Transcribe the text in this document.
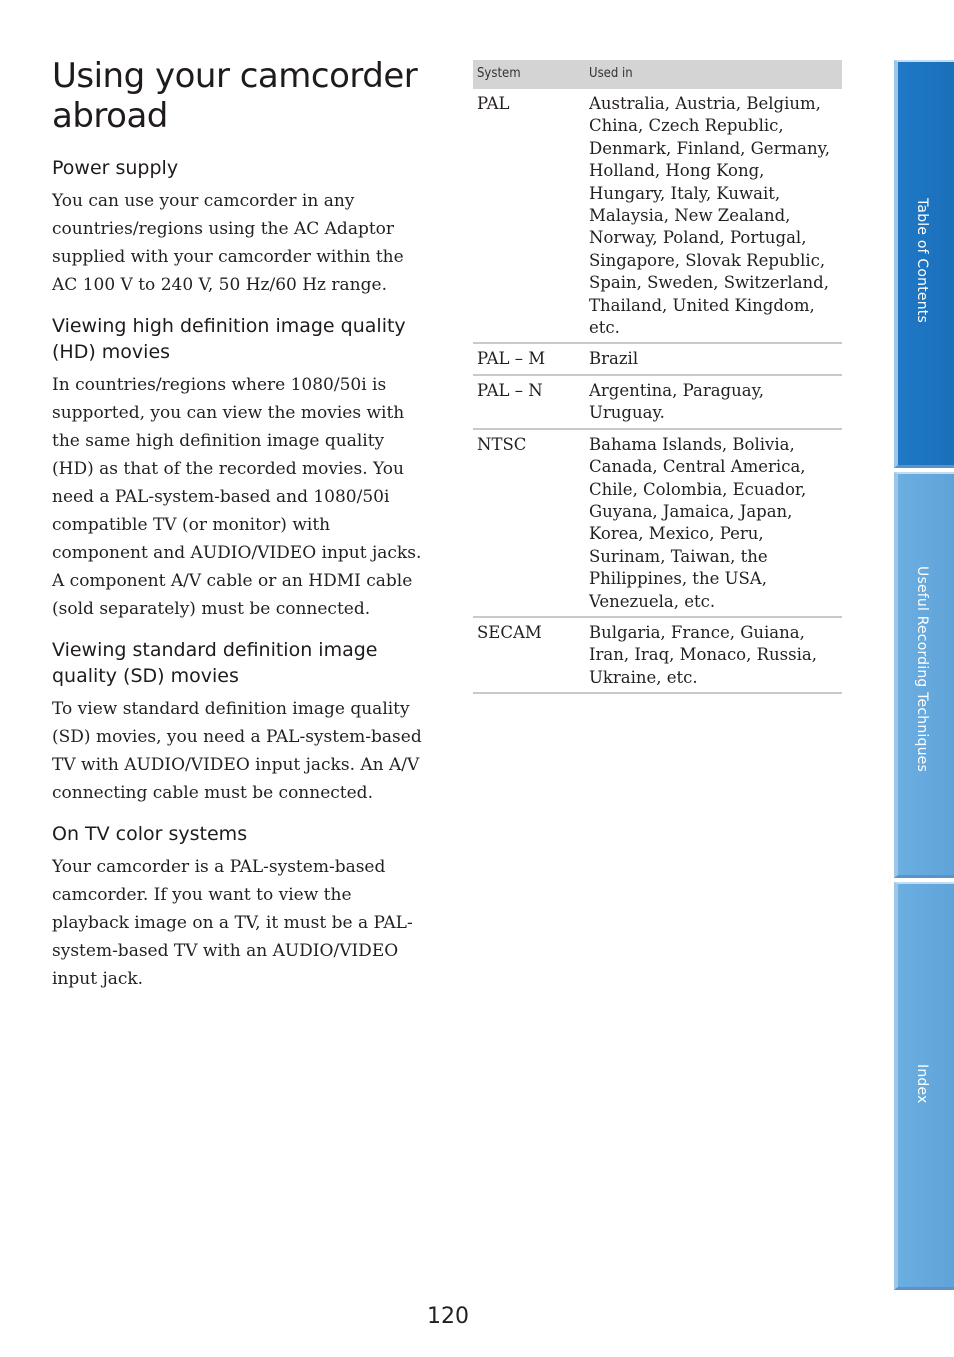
Using your camcorder abroad
Power supply

You can use your camcorder in any countries/regions using the AC Adaptor supplied with your camcorder within the AC 100 V to 240 V, 50 Hz/60 Hz range.

Viewing high definition image quality (HD) movies

In countries/regions where 1080/50i is supported, you can view the movies with the same high definition image quality (HD) as that of the recorded movies. You need a PAL-system-based and 1080/50i compatible TV (or monitor) with component and AUDIO/VIDEO input jacks. A component A/V cable or an HDMI cable (sold separately) must be connected.

Viewing standard definition image quality (SD) movies

To view standard definition image quality (SD) movies, you need a PAL-system-based TV with AUDIO/VIDEO input jacks. An A/V connecting cable must be connected.

On TV color systems

Your camcorder is a PAL-system-based camcorder. If you want to view the playback image on a TV, it must be a PAL-system-based TV with an AUDIO/VIDEO input jack.

System	Used in
PAL	Australia, Austria, Belgium, China, Czech Republic, Denmark, Finland, Germany, Holland, Hong Kong, Hungary, Italy, Kuwait, Malaysia, New Zealand, Norway, Poland, Portugal, Singapore, Slovak Republic, Spain, Sweden, Switzerland, Thailand, United Kingdom, etc.
PAL – M	Brazil
PAL – N	Argentina, Paraguay, Uruguay.
NTSC	Bahama Islands, Bolivia, Canada, Central America, Chile, Colombia, Ecuador, Guyana, Jamaica, Japan, Korea, Mexico, Peru, Surinam, Taiwan, the Philippines, the USA, Venezuela, etc.
SECAM	Bulgaria, France, Guiana, Iran, Iraq, Monaco, Russia, Ukraine, etc.
Table of Contents
Useful Recording Techniques
Index
120
